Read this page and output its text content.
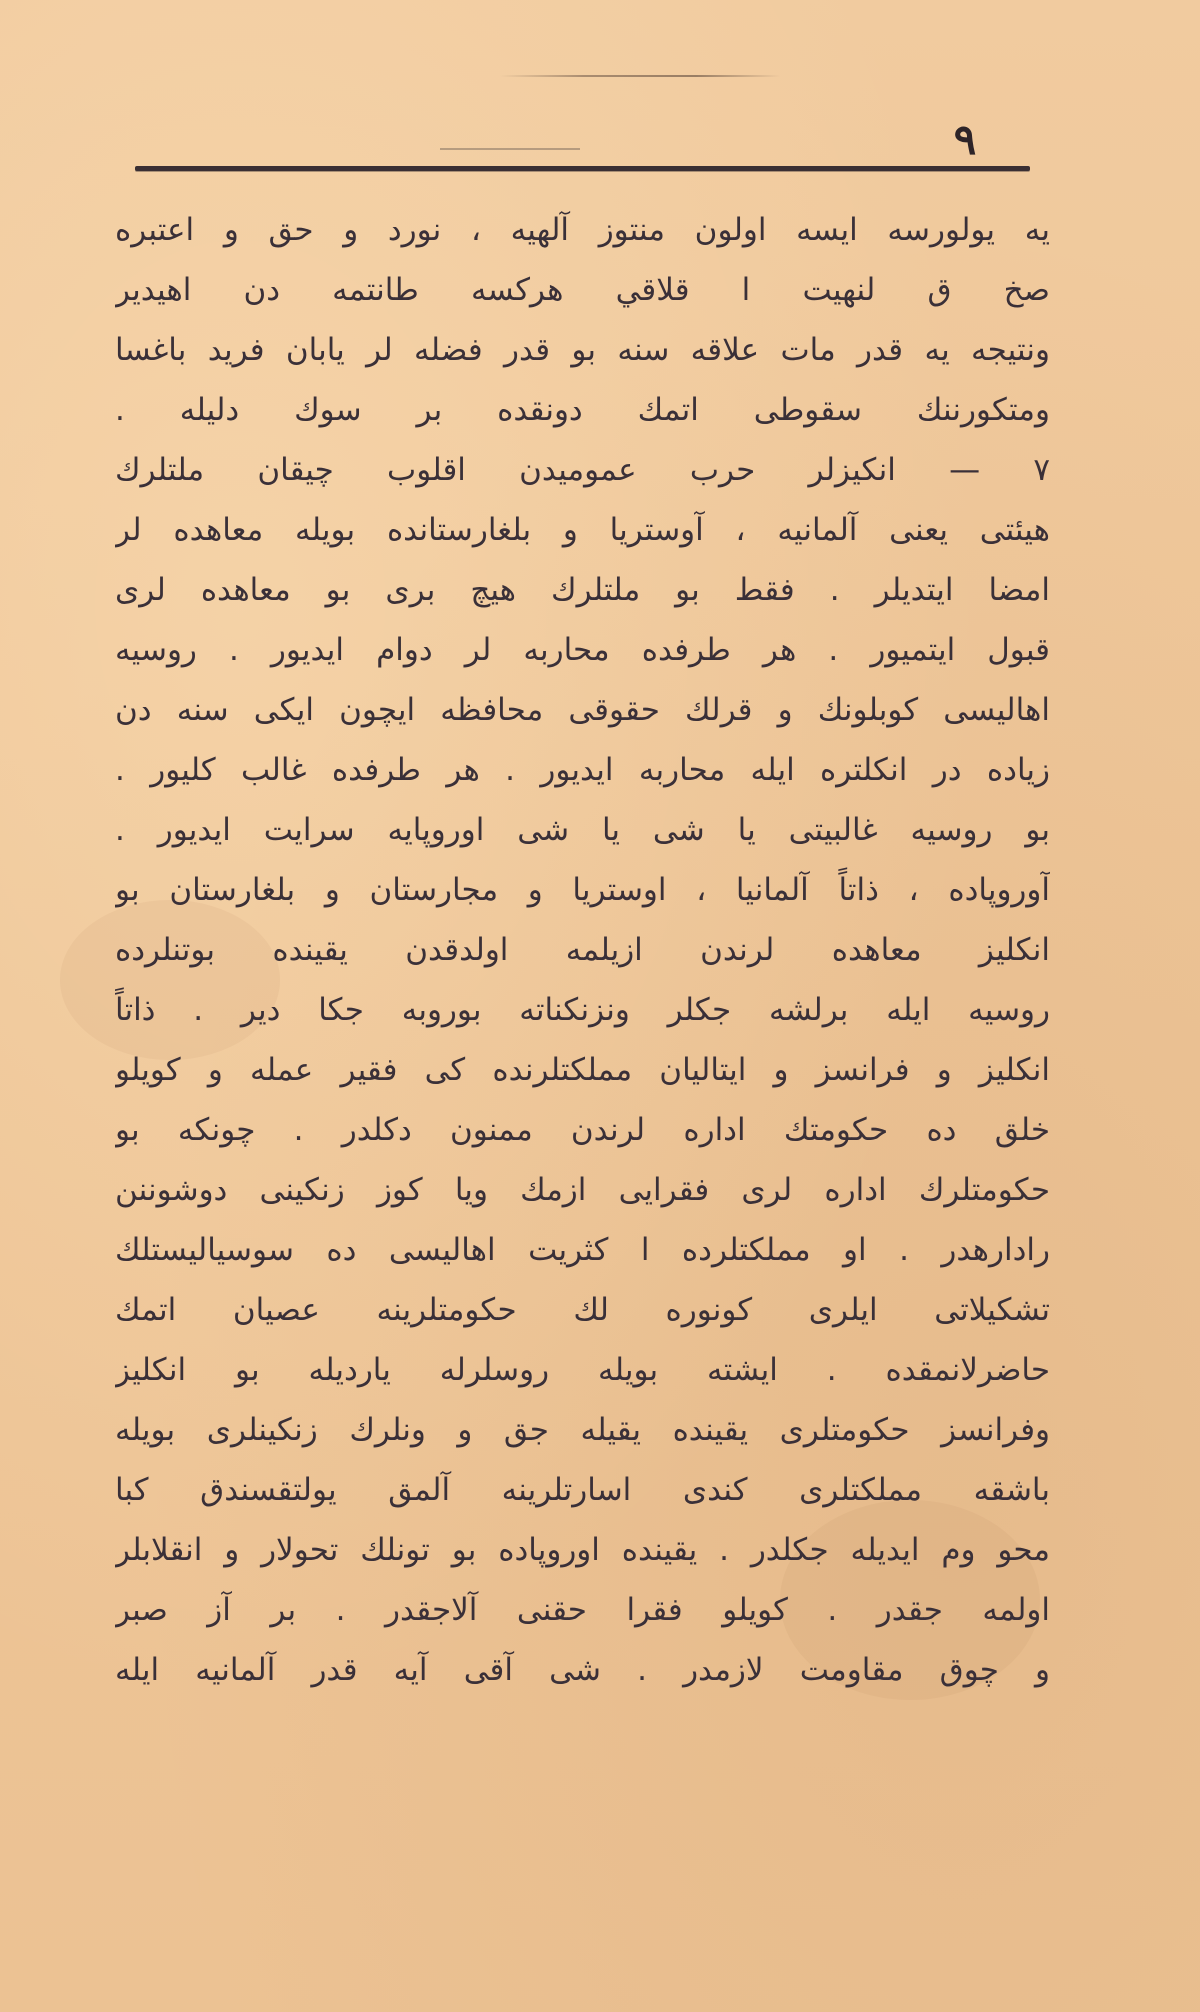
٩
يه يولورسه ايسه اولون منتوز آلهيه ، نورد و حق و اعتبره
صخ ق لنهيت ا قلاقي هركسه طانتمه دن اهيدير
ونتيجه يه قدر مات علاقه سنه بو قدر فضله لر يابان فرید باغسا
ومتكورننك سقوطی اتمك دونقده بر سوك دليله .
٧ — انكيزلر حرب عموميدن اقلوب چيقان ملتلرك
هيئتی يعنی آلمانيه ، آوستريا و بلغارستانده بويله معاهده لر
امضا ايتديلر . فقط بو ملتلرك هيچ بری بو معاهده لری
قبول ايتميور . هر طرفده محاربه لر دوام ايديور . روسيه
اهاليسی كوبلونك و قرلك حقوقی محافظه ايچون ايكی سنه دن
زياده در انكلتره ايله محاربه ايديور . هر طرفده غالب كليور .
بو روسيه غالبيتی يا شی يا شی اوروپايه سرايت ايديور .
آوروپاده ، ذاتاً آلمانيا ، اوستريا و مجارستان و بلغارستان بو
انكليز معاهده لرندن ازيلمه اولدقدن يقينده بوتنلرده
روسيه ايله برلشه جكلر ونزنكناته بوروبه جكا دير . ذاتاً
انكليز و فرانسز و ايتاليان مملكتلرنده كی فقير عمله و كويلو
خلق ده حكومتك اداره لرندن ممنون دكلدر . چونكه بو
حكومتلرك اداره لری فقرايی ازمك ويا كوز زنكينی دوشوننن
رادارهدر . او مملكتلرده ا كثريت اهاليسی ده سوسياليستلك
تشكيلاتی ايلری كونوره لك حكومتلرينه عصيان اتمك
حاضرلانمقده . ايشته بويله روسلرله يارديله بو انكليز
وفرانسز حكومتلری يقينده يقيله جق و ونلرك زنكينلری بويله
باشقه مملكتلری كندی اسارتلرينه آلمق يولتقسندق كبا
محو وم ايديله جكلدر . يقينده اوروپاده بو تونلك تحولار و انقلابلر
اولمه جقدر . كويلو فقرا حقنی آلاجقدر . بر آز صبر
و چوق مقاومت لازمدر . شی آقی آيه قدر آلمانيه ايله
